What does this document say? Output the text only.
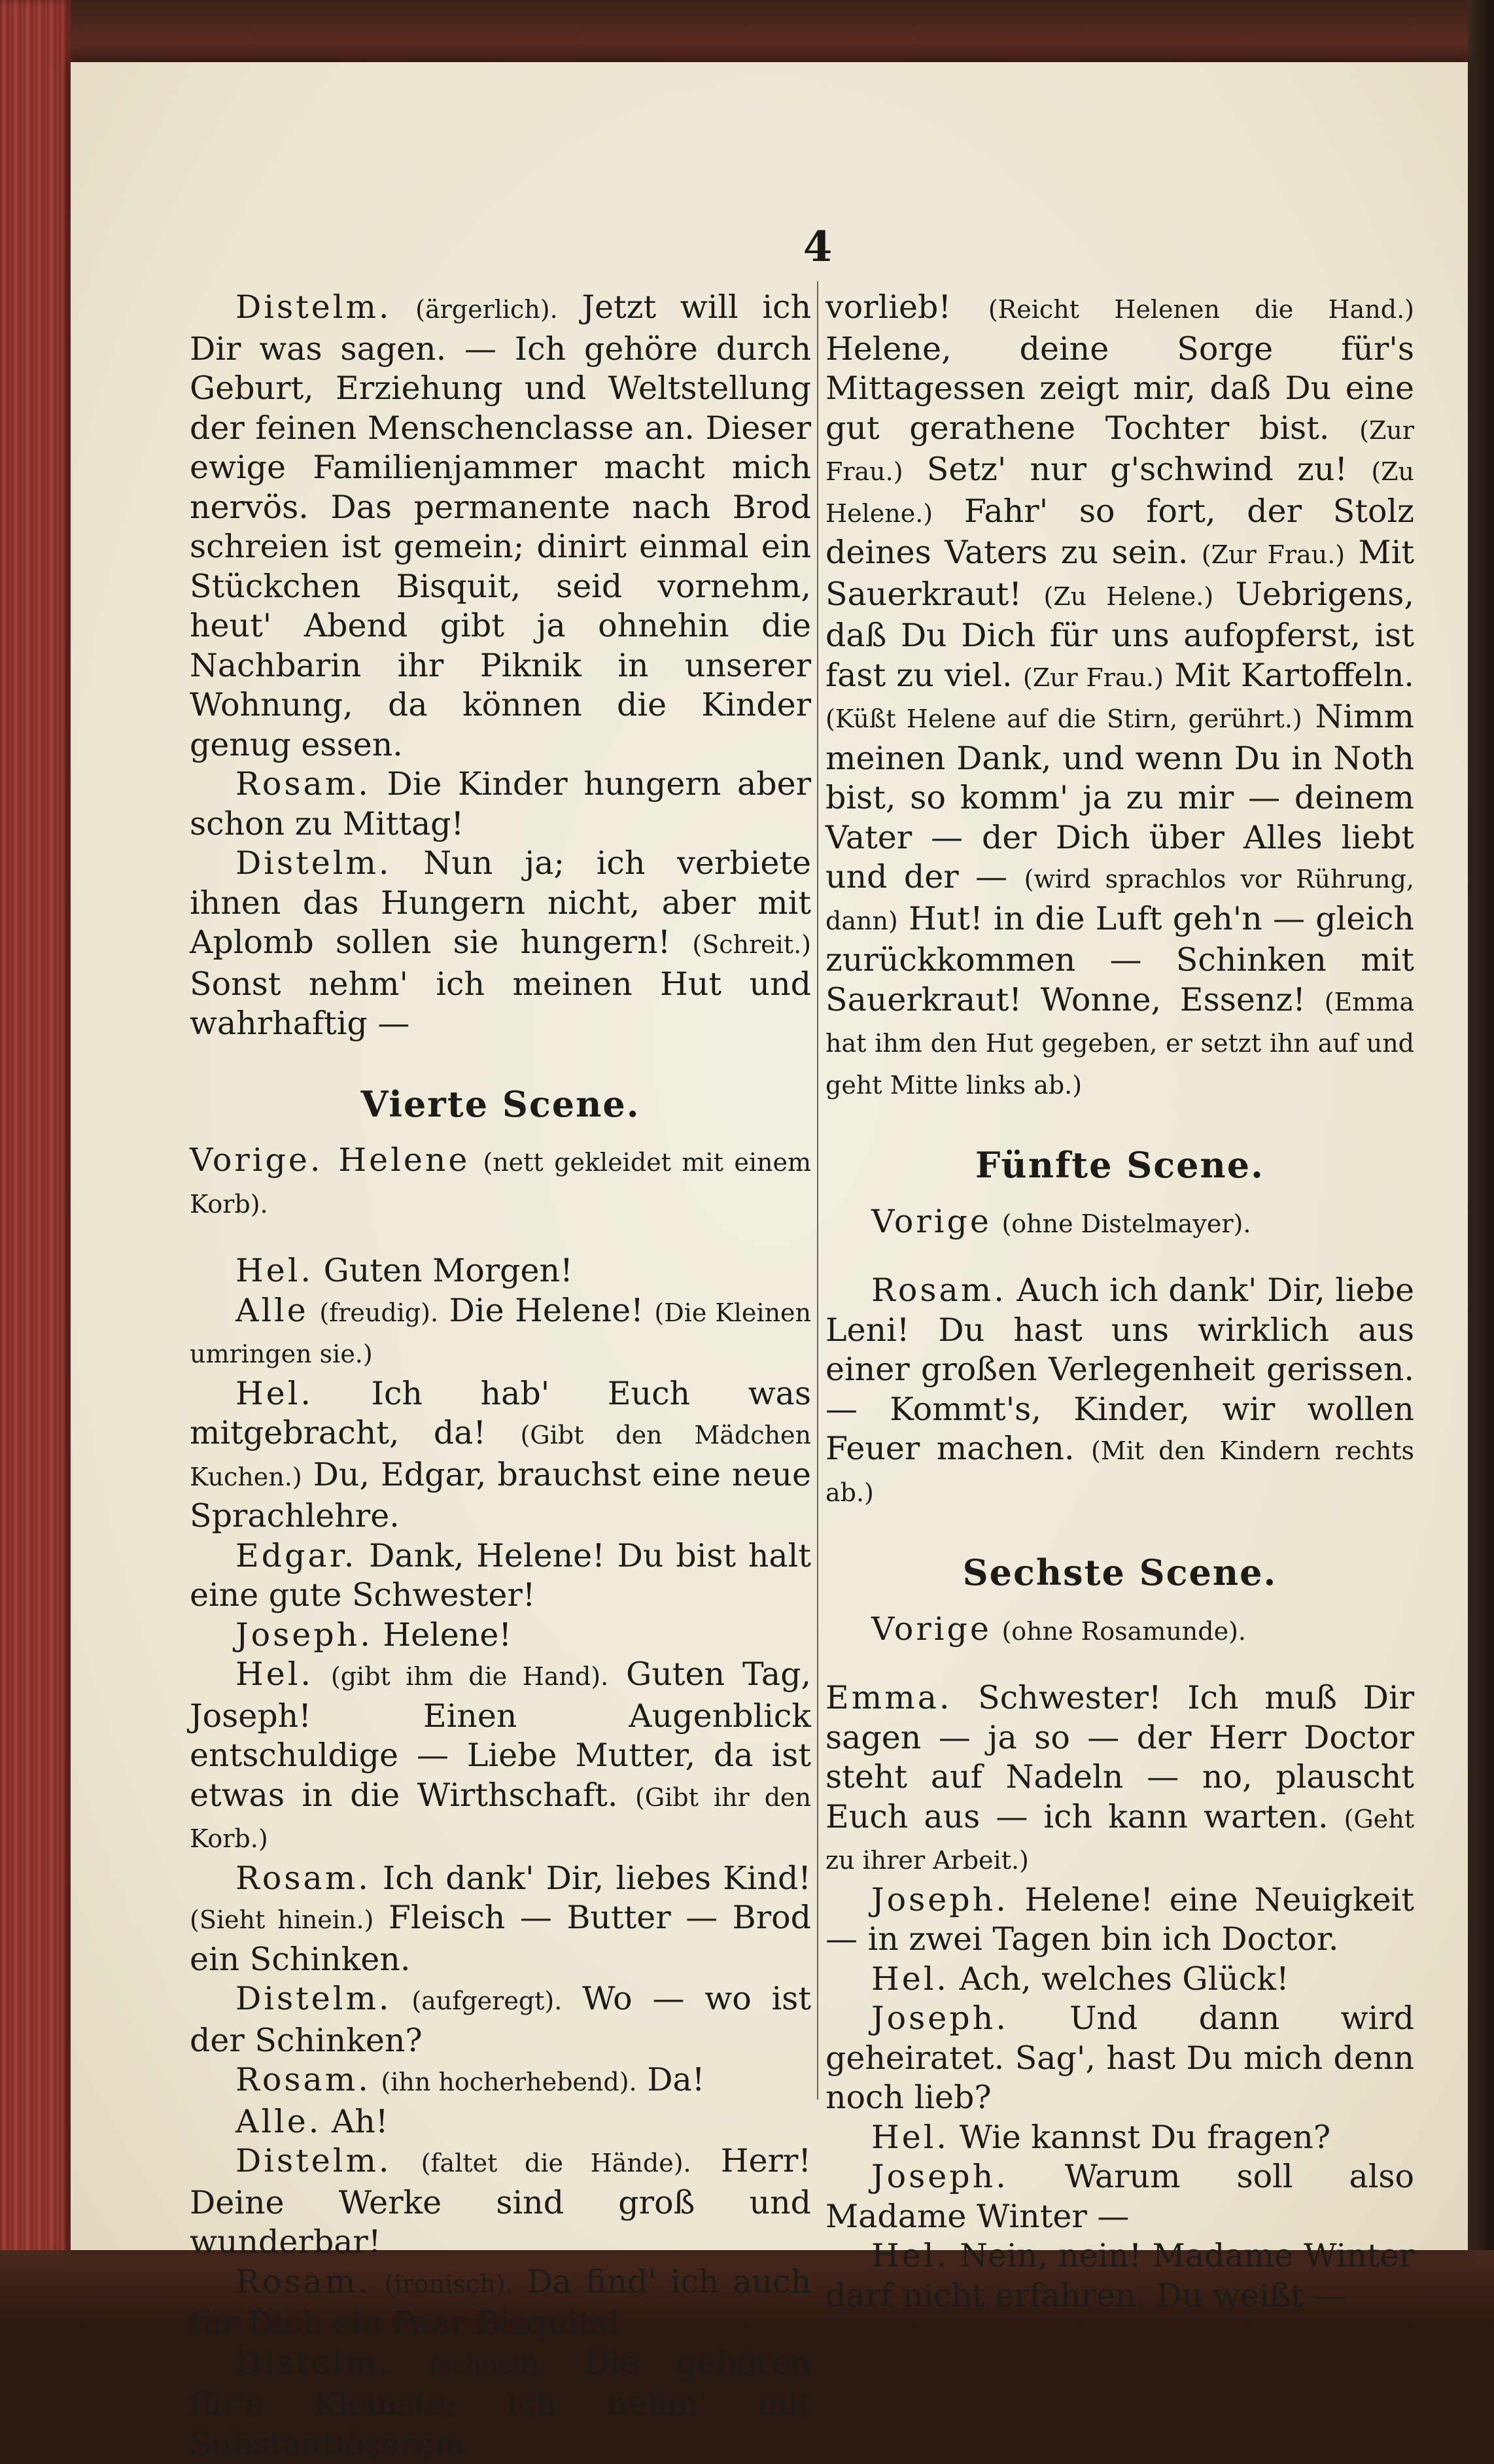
4

Distelm. (ärgerlich). Jetzt will ich Dir was sagen. — Ich gehöre durch Geburt, Erziehung und Weltstellung der feinen Menschenclasse an. Dieser ewige Familienjammer macht mich nervös. Das permanente nach Brod schreien ist gemein; dinirt einmal ein Stückchen Bisquit, seid vornehm, heut' Abend gibt ja ohnehin die Nachbarin ihr Piknik in unserer Wohnung, da können die Kinder genug essen.

Rosam. Die Kinder hungern aber schon zu Mittag!

Distelm. Nun ja; ich verbiete ihnen das Hungern nicht, aber mit Aplomb sollen sie hungern! (Schreit.) Sonst nehm' ich meinen Hut und wahrhaftig —

Vierte Scene.

Vorige. Helene (nett gekleidet mit einem Korb).

Hel. Guten Morgen!

Alle (freudig). Die Helene! (Die Kleinen umringen sie.)

Hel. Ich hab' Euch was mitgebracht, da! (Gibt den Mädchen Kuchen.) Du, Edgar, brauchst eine neue Sprachlehre.

Edgar. Dank, Helene! Du bist halt eine gute Schwester!

Joseph. Helene!

Hel. (gibt ihm die Hand). Guten Tag, Joseph! Einen Augenblick entschuldige — Liebe Mutter, da ist etwas in die Wirthschaft. (Gibt ihr den Korb.)

Rosam. Ich dank' Dir, liebes Kind! (Sieht hinein.) Fleisch — Butter — Brod ein Schinken.

Distelm. (aufgeregt). Wo — wo ist der Schinken?

Rosam. (ihn hocherhebend). Da!

Alle. Ah!

Distelm. (faltet die Hände). Herr! Deine Werke sind groß und wunderbar!

Rosam. (ironisch). Da find' ich auch für Dich ein Paar Bisquits!

Distelm. (schnell). Die gehören für's Kleinste; ich nehm' mit Substantiöserem

vorlieb! (Reicht Helenen die Hand.) Helene, deine Sorge für's Mittagessen zeigt mir, daß Du eine gut gerathene Tochter bist. (Zur Frau.) Setz' nur g'schwind zu! (Zu Helene.) Fahr' so fort, der Stolz deines Vaters zu sein. (Zur Frau.) Mit Sauerkraut! (Zu Helene.) Uebrigens, daß Du Dich für uns aufopferst, ist fast zu viel. (Zur Frau.) Mit Kartoffeln. (Küßt Helene auf die Stirn, gerührt.) Nimm meinen Dank, und wenn Du in Noth bist, so komm' ja zu mir — deinem Vater — der Dich über Alles liebt und der — (wird sprachlos vor Rührung, dann) Hut! in die Luft geh'n — gleich zurückkommen — Schinken mit Sauerkraut! Wonne, Essenz! (Emma hat ihm den Hut gegeben, er setzt ihn auf und geht Mitte links ab.)

Fünfte Scene.

Vorige (ohne Distelmayer).

Rosam. Auch ich dank' Dir, liebe Leni! Du hast uns wirklich aus einer großen Verlegenheit gerissen. — Kommt's, Kinder, wir wollen Feuer machen. (Mit den Kindern rechts ab.)

Sechste Scene.

Vorige (ohne Rosamunde).

Emma. Schwester! Ich muß Dir sagen — ja so — der Herr Doctor steht auf Nadeln — no, plauscht Euch aus — ich kann warten. (Geht zu ihrer Arbeit.)

Joseph. Helene! eine Neuigkeit — in zwei Tagen bin ich Doctor.

Hel. Ach, welches Glück!

Joseph. Und dann wird geheiratet. Sag', hast Du mich denn noch lieb?

Hel. Wie kannst Du fragen?

Joseph. Warum soll also Madame Winter —

Hel. Nein, nein! Madame Winter darf nicht erfahren. Du weißt —
